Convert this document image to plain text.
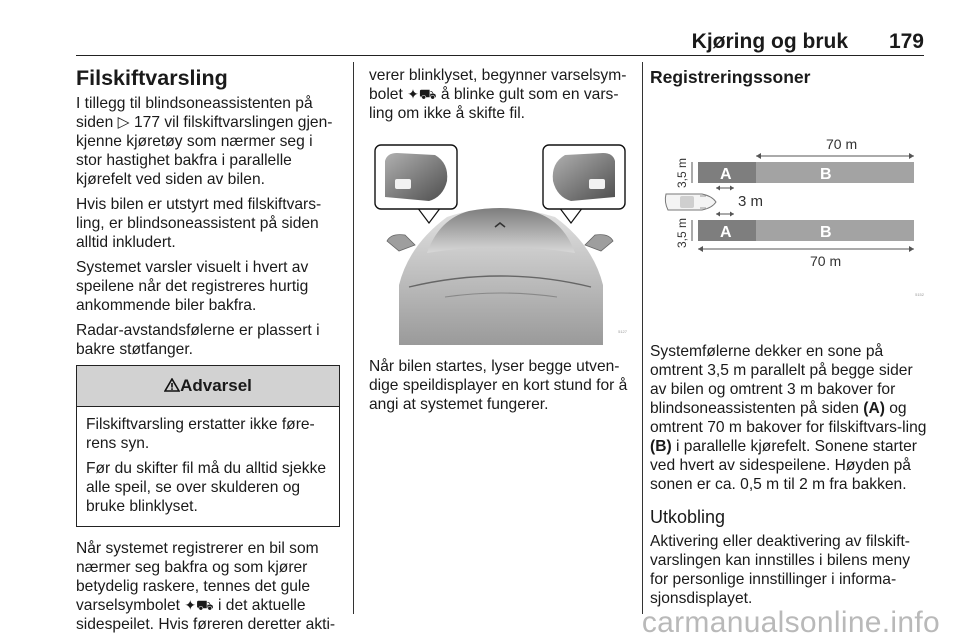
Kjøring og bruk 179
Filskiftvarsling

I tillegg til blindsoneassistenten på siden ▷ 177 vil filskiftvarslingen gjen-kjenne kjøretøy som nærmer seg i stor hastighet bakfra i parallelle kjørefelt ved siden av bilen.

Hvis bilen er utstyrt med filskiftvars-ling, er blindsoneassistent på siden alltid inkludert.

Systemet varsler visuelt i hvert av speilene når det registreres hurtig ankommende biler bakfra.

Radar-avstandsfølerne er plassert i bakre støtfanger.

Advarsel

Filskiftvarsling erstatter ikke føre-rens syn.

Før du skifter fil må du alltid sjekke alle speil, se over skulderen og bruke blinklyset.

Når systemet registrerer en bil som nærmer seg bakfra og som kjører betydelig raskere, tennes det gule varselsymbolet ✦⛟ i det aktuelle sidespeilet. Hvis føreren deretter akti-

verer blinklyset, begynner varselsym-bolet ✦⛟ å blinke gult som en vars-ling om ikke å skifte fil.

5127

Når bilen startes, lyser begge utven-dige speildisplayer en kort stund for å angi at systemet fungerer.

Registreringssoner
70 m
A	B
3,5 m
3 m
A	B
3,5 m
70 m
5152

Systemfølerne dekker en sone på omtrent 3,5 m parallelt på begge sider av bilen og omtrent 3 m bakover for blindsoneassistenten på siden (A) og omtrent 70 m bakover for filskiftvars-ling (B) i parallelle kjørefelt. Sonene starter ved hvert av sidespeilene. Høyden på sonen er ca. 0,5 m til 2 m fra bakken.

Utkobling

Aktivering eller deaktivering av filskift-varslingen kan innstilles i bilens meny for personlige innstillinger i informa-sjonsdisplayet.

carmanualsonline.info
